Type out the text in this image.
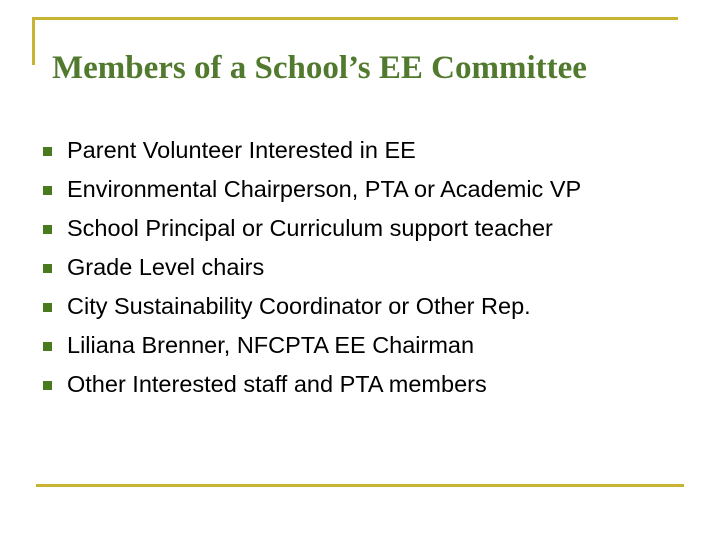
Members of a School’s EE Committee
Parent Volunteer Interested in EE
Environmental Chairperson, PTA or Academic VP
School Principal or Curriculum support teacher
Grade Level chairs
City Sustainability Coordinator or Other Rep.
Liliana Brenner, NFCPTA EE Chairman
Other Interested staff and PTA members
